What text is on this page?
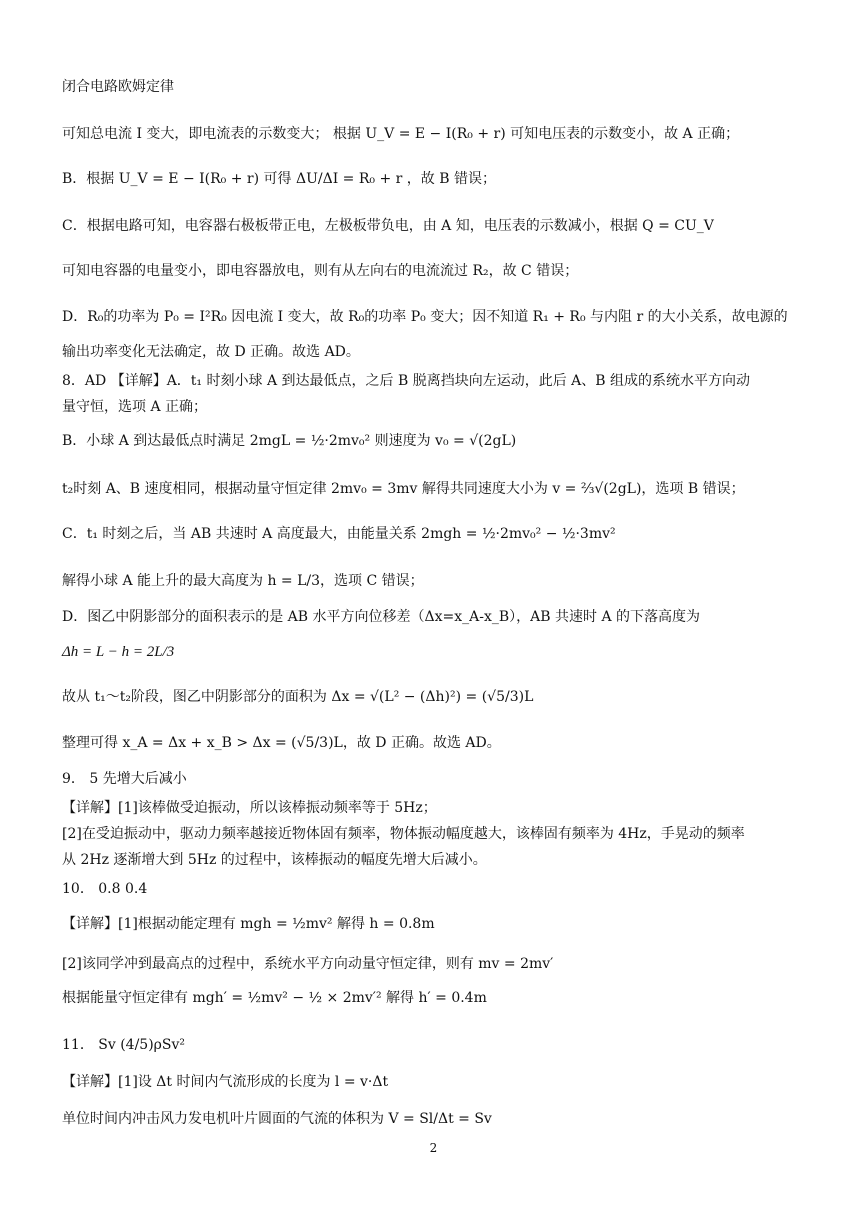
闭合电路欧姆定律
可知总电流 I 变大，即电流表的示数变大； 根据 U_V = E − I(R₀ + r) 可知电压表的示数变小，故 A 正确；
B．根据 U_V = E − I(R₀ + r) 可得 ΔU/ΔI = R₀ + r ，故 B 错误；
C．根据电路可知，电容器右极板带正电，左极板带负电，由 A 知，电压表的示数减小，根据 Q = CU_V
可知电容器的电量变小，即电容器放电，则有从左向右的电流流过 R₂，故 C 错误；
D．R₀的功率为 P₀ = I²R₀ 因电流 I 变大，故 R₀的功率 P₀ 变大；因不知道 R₁ + R₀ 与内阻 r 的大小关系，故电源的
输出功率变化无法确定，故 D 正确。故选 AD。
8．AD 【详解】A．t₁ 时刻小球 A 到达最低点，之后 B 脱离挡块向左运动，此后 A、B 组成的系统水平方向动
量守恒，选项 A 正确；
B．小球 A 到达最低点时满足 2mgL = ½·2mv₀² 则速度为 v₀ = √(2gL)
t₂时刻 A、B 速度相同，根据动量守恒定律 2mv₀ = 3mv 解得共同速度大小为 v = ⅔√(2gL)，选项 B 错误；
C．t₁ 时刻之后，当 AB 共速时 A 高度最大，由能量关系 2mgh = ½·2mv₀² − ½·3mv²
解得小球 A 能上升的最大高度为 h = L/3，选项 C 错误；
D．图乙中阴影部分的面积表示的是 AB 水平方向位移差（Δx=x_A-x_B），AB 共速时 A 的下落高度为
Δh = L − h = 2L/3
故从 t₁～t₂阶段，图乙中阴影部分的面积为 Δx = √(L² − (Δh)²) = (√5/3)L
整理可得 x_A = Δx + x_B > Δx = (√5/3)L，故 D 正确。故选 AD。
9． 5 先增大后减小
【详解】[1]该棒做受迫振动，所以该棒振动频率等于 5Hz；
[2]在受迫振动中，驱动力频率越接近物体固有频率，物体振动幅度越大，该棒固有频率为 4Hz，手晃动的频率
从 2Hz 逐渐增大到 5Hz 的过程中，该棒振动的幅度先增大后减小。
10． 0.8 0.4
【详解】[1]根据动能定理有 mgh = ½mv² 解得 h = 0.8m
[2]该同学冲到最高点的过程中，系统水平方向动量守恒定律，则有 mv = 2mv′
根据能量守恒定律有 mgh′ = ½mv² − ½ × 2mv′² 解得 h′ = 0.4m
11． Sv (4/5)ρSv²
【详解】[1]设 Δt 时间内气流形成的长度为 l = v·Δt
单位时间内冲击风力发电机叶片圆面的气流的体积为 V = Sl/Δt = Sv
2
